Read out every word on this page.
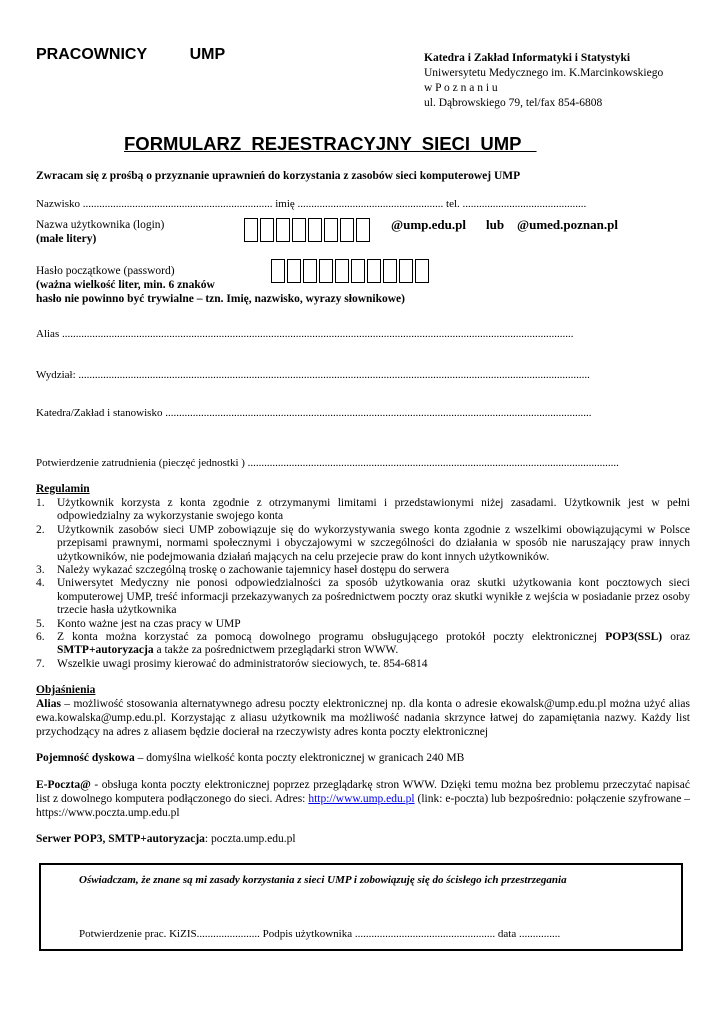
PRACOWNICY	UMP	Katedra i Zakład Informatyki i Statystyki
Uniwersytetu Medycznego im. K.Marcinkowskiego
w P o z n a n i u
ul. Dąbrowskiego 79, tel/fax 854-6808
FORMULARZ  REJESTRACYJNY  SIECI  UMP
Zwracam się z prośbą o przyznanie uprawnień do korzystania z zasobów sieci komputerowej UMP
Nazwisko ..................................................................... imię ..................................................... tel. .............................................
Nazwa użytkownika (login)
(małe litery)
@ump.edu.pl lub @umed.poznan.pl
Hasło początkowe (password)
(ważna wielkość liter, min. 6 znaków
hasło nie powinno być trywialne – tzn. Imię, nazwisko, wyrazy słownikowe)
Alias ..........................................................................................................................................................................................
Wydział: ..........................................................................................................................................................................................
Katedra/Zakład i stanowisko ...........................................................................................................................................................
Potwierdzenie zatrudnienia (pieczęć jednostki ) .......................................................................................................................................
Regulamin
1. Użytkownik korzysta z konta zgodnie z otrzymanymi limitami i przedstawionymi niżej zasadami. Użytkownik jest w pełni odpowiedzialny za wykorzystanie swojego konta
2. Użytkownik zasobów sieci UMP zobowiązuje się do wykorzystywania swego konta zgodnie z wszelkimi obowiązującymi w Polsce przepisami prawnymi, normami społecznymi i obyczajowymi w szczególności do działania w sposób nie naruszający praw innych użytkowników, nie podejmowania działań mających na celu przejecie praw do kont innych użytkowników.
3. Należy wykazać szczególną troskę o zachowanie tajemnicy haseł dostępu do serwera
4. Uniwersytet Medyczny nie ponosi odpowiedzialności za sposób użytkowania oraz skutki użytkowania kont pocztowych sieci komputerowej UMP, treść informacji przekazywanych za pośrednictwem poczty oraz skutki wynikłe z wejścia w posiadanie przez osoby trzecie hasła użytkownika
5. Konto ważne jest na czas pracy w UMP
6. Z konta można korzystać za pomocą dowolnego programu obsługującego protokół poczty elektronicznej POP3(SSL) oraz SMTP+autoryzacja a także za pośrednictwem przeglądarki stron WWW.
7. Wszelkie uwagi prosimy kierować do administratorów sieciowych, te. 854-6814
Objaśnienia
Alias – możliwość stosowania alternatywnego adresu poczty elektronicznej np. dla konta o adresie ekowalsk@ump.edu.pl można użyć alias ewa.kowalska@ump.edu.pl. Korzystając z aliasu użytkownik ma możliwość nadania skrzynce łatwej do zapamiętania nazwy. Każdy list przychodzący na adres z aliasem będzie docierał na rzeczywisty adres konta poczty elektronicznej
Pojemność dyskowa – domyślna wielkość konta poczty elektronicznej w granicach 240 MB
E-Poczta@ - obsługa konta poczty elektronicznej poprzez przeglądarkę stron WWW. Dzięki temu można bez problemu przeczytać napisać list z dowolnego komputera podłączonego do sieci. Adres: http://www.ump.edu.pl (link: e-poczta) lub bezpośrednio: połączenie szyfrowane – https://www.poczta.ump.edu.pl
Serwer POP3, SMTP+autoryzacja: poczta.ump.edu.pl
Oświadczam, że znane są mi zasady korzystania z sieci UMP i zobowiązuję się do ścisłego ich przestrzegania
Potwierdzenie prac. KiZIS....................... Podpis użytkownika ................................................... data ...............
